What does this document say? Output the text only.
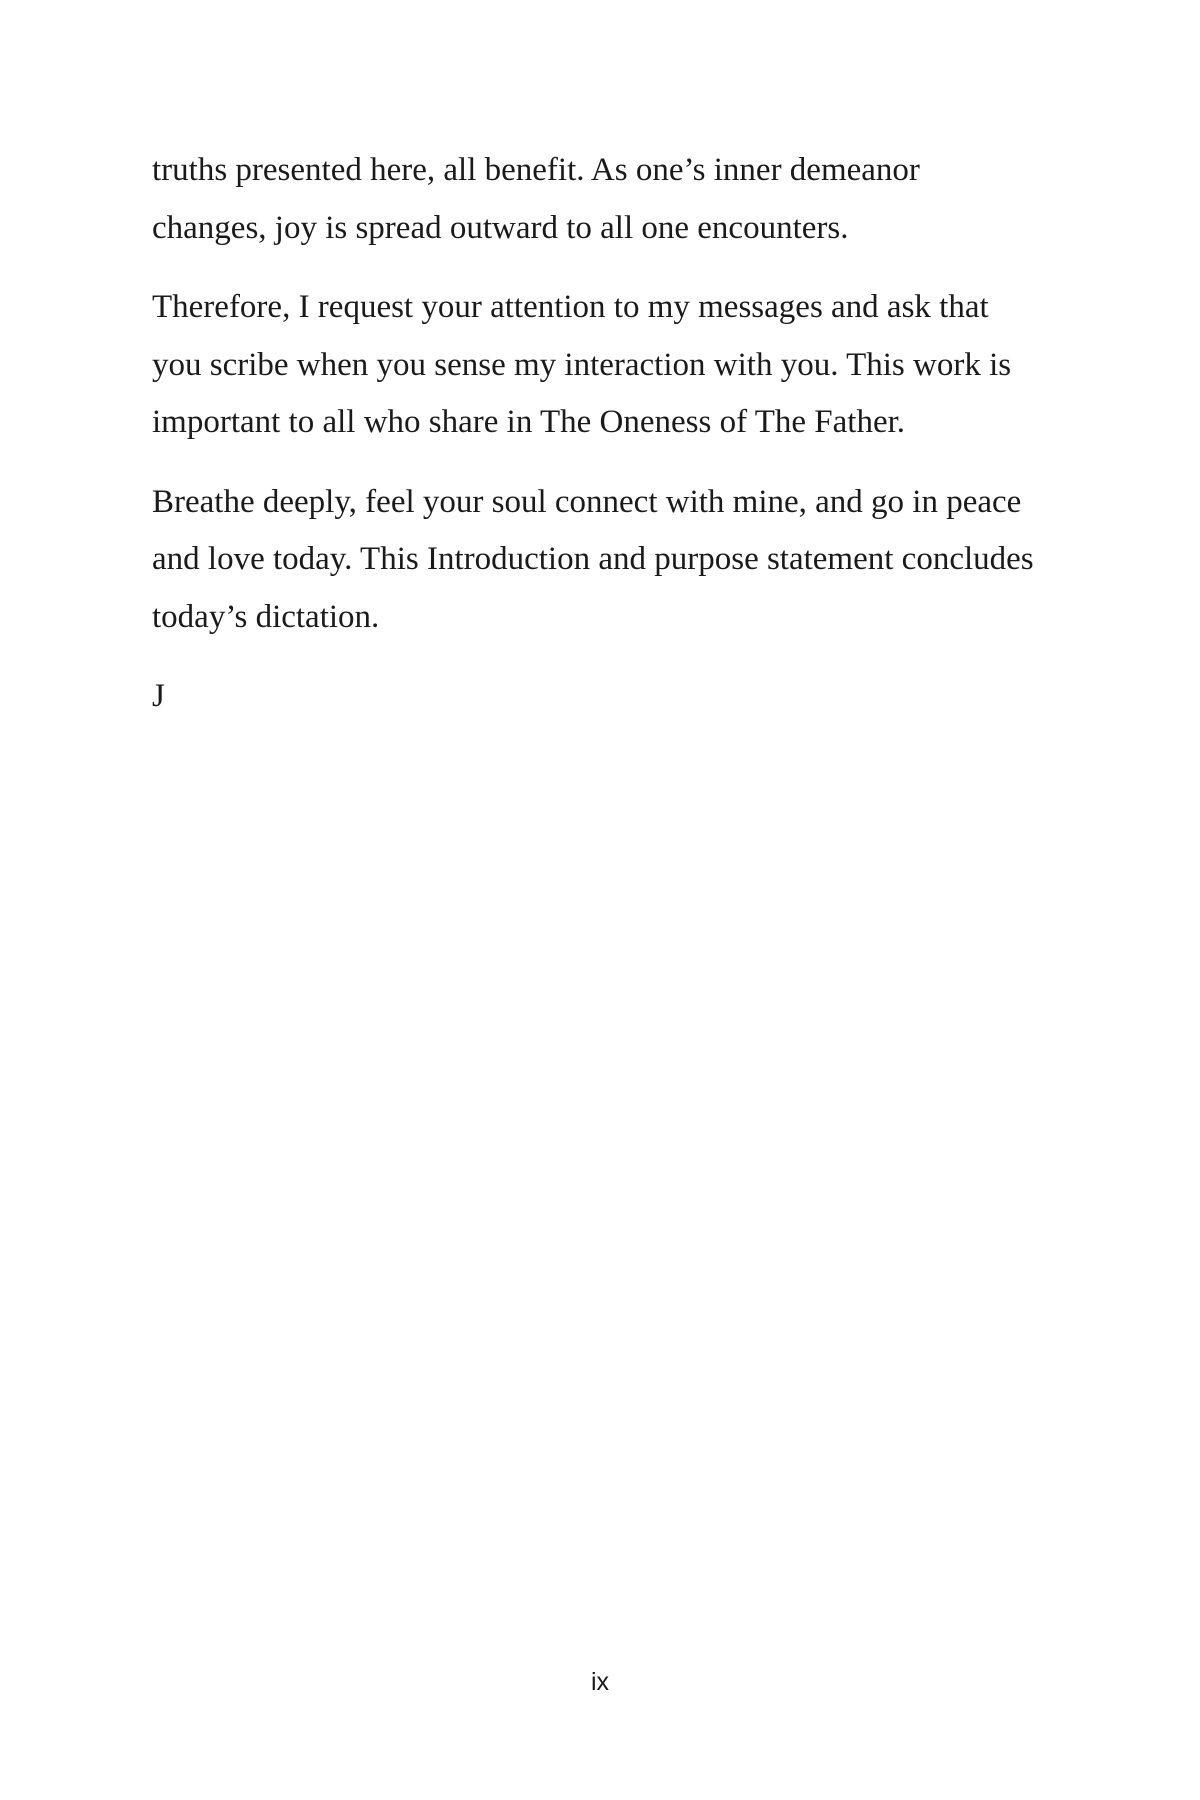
truths presented here, all benefit. As one’s inner demeanor
changes, joy is spread outward to all one encounters.

Therefore, I request your attention to my messages and ask that
you scribe when you sense my interaction with you. This work is
important to all who share in The Oneness of The Father.

Breathe deeply, feel your soul connect with mine, and go in peace
and love today. This Introduction and purpose statement concludes
today’s dictation.

J

ix
